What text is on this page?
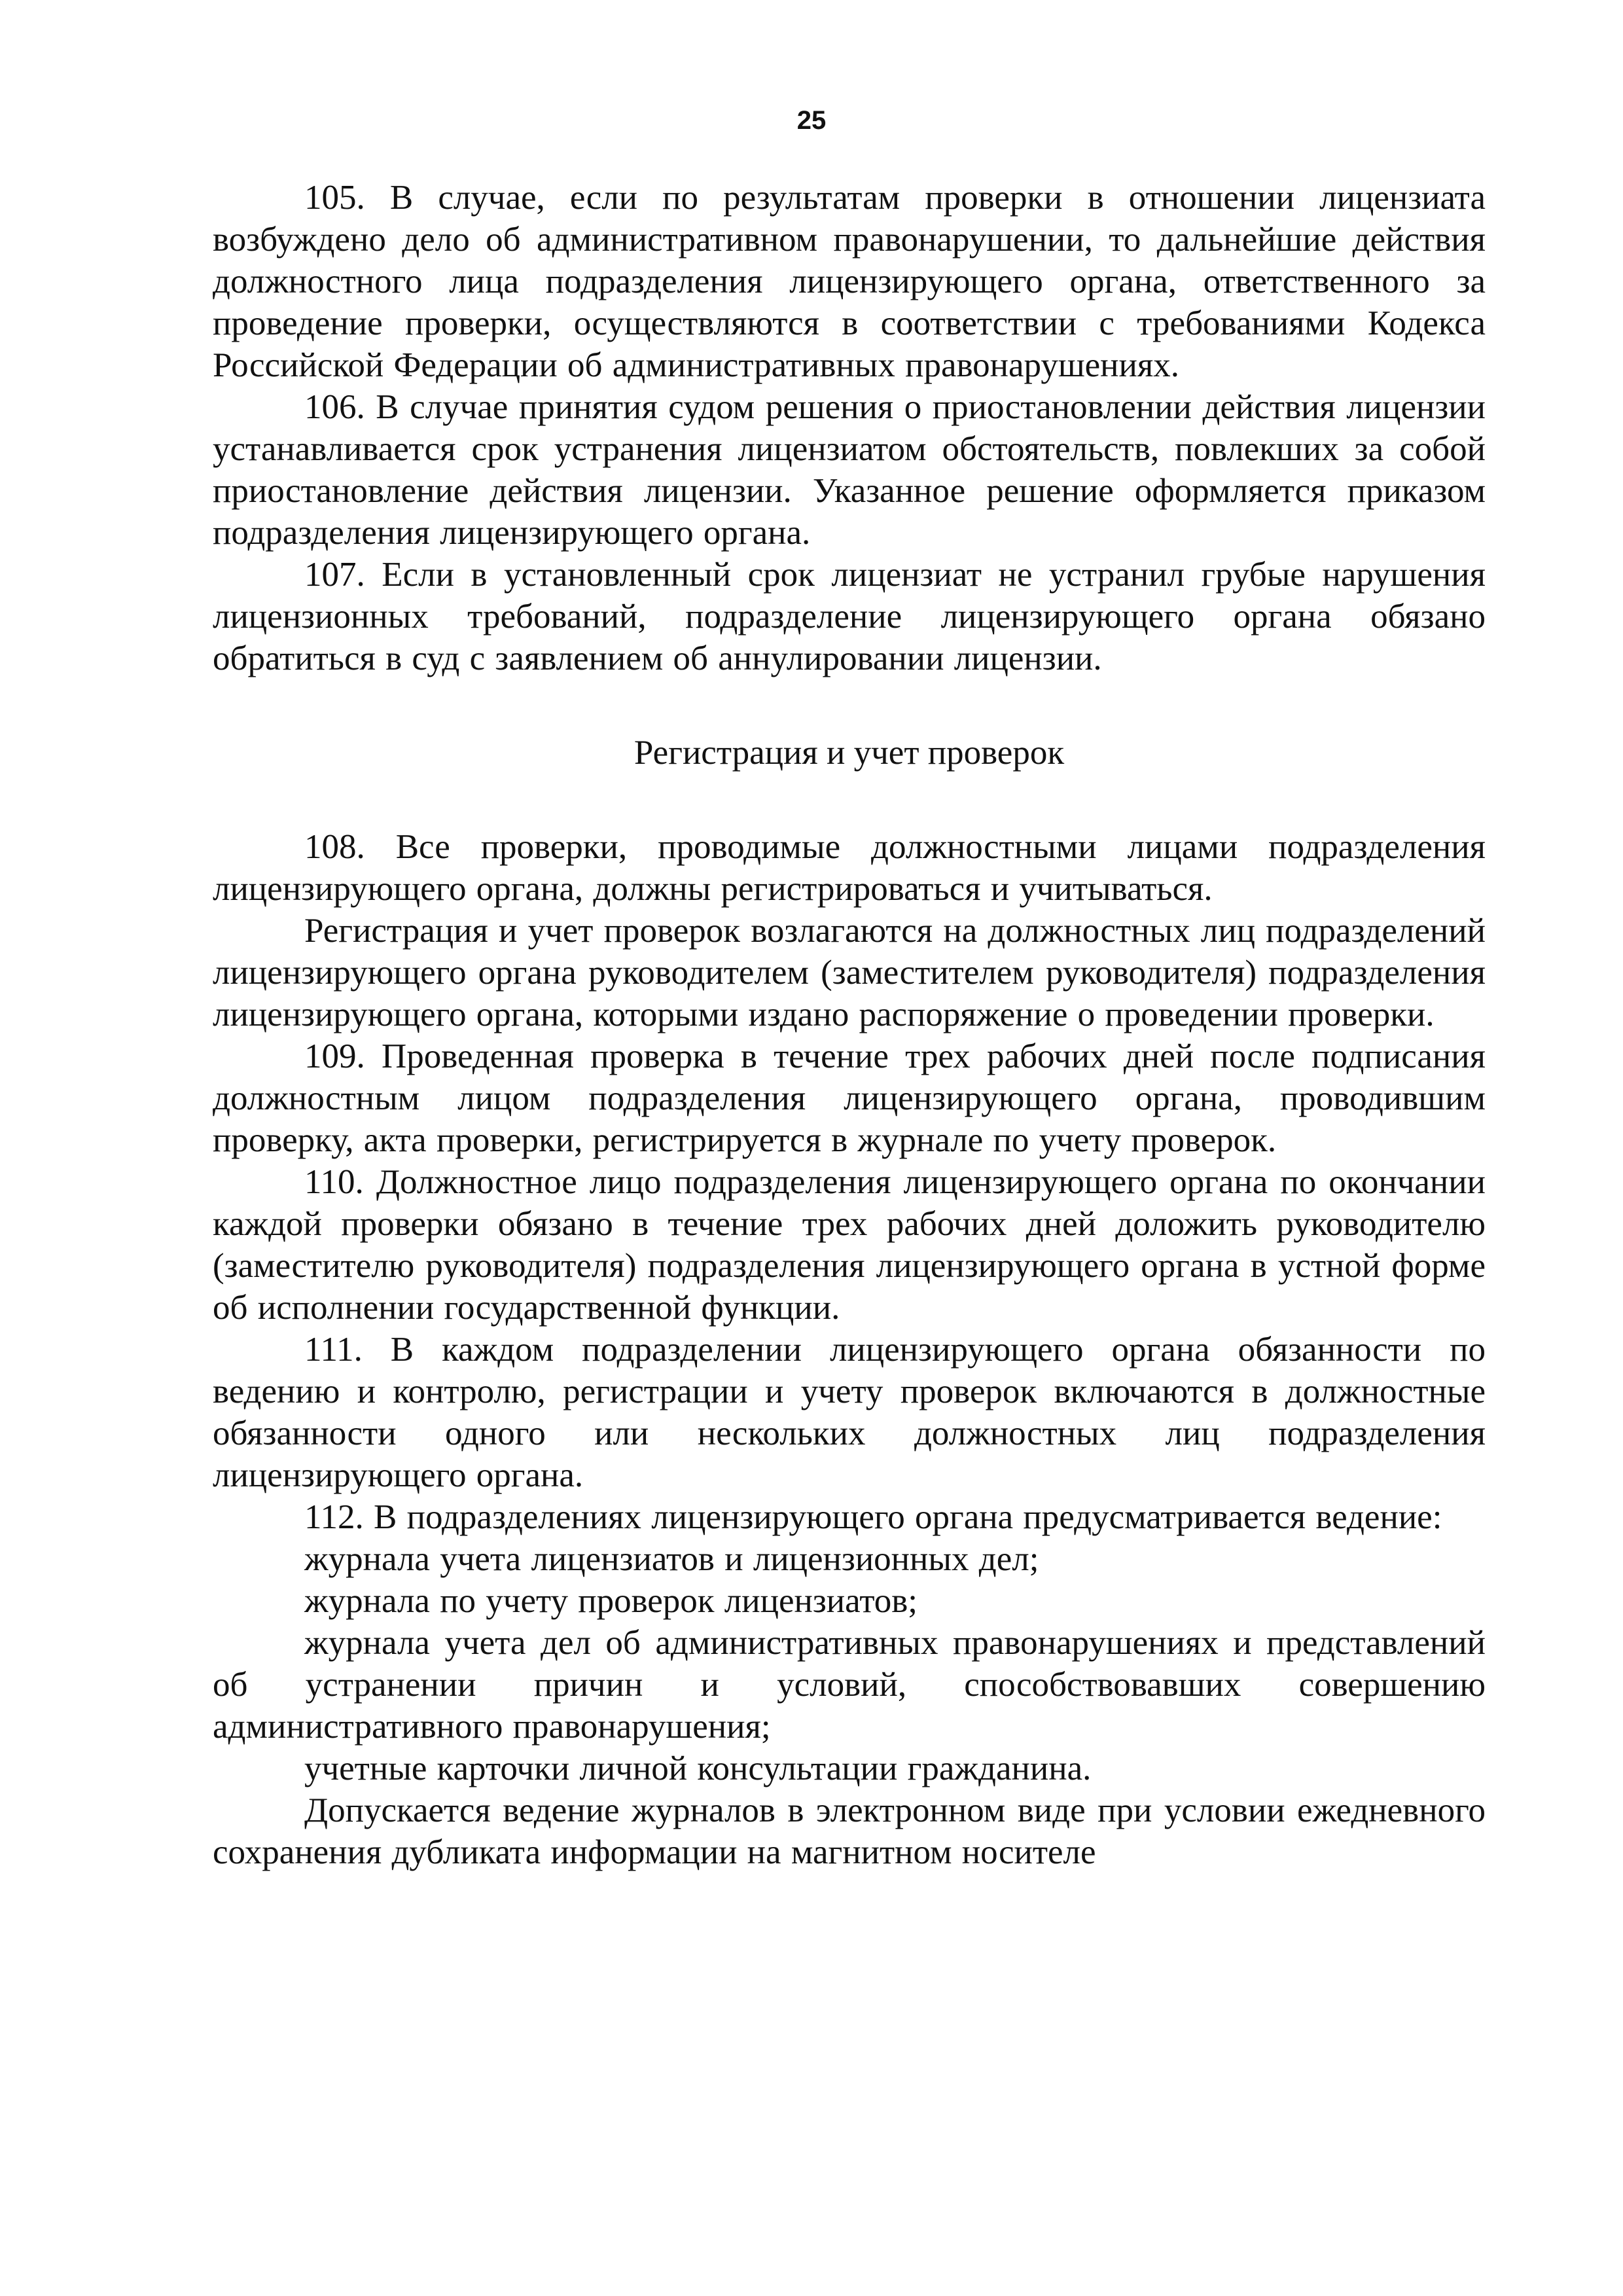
25

105. В случае, если по результатам проверки в отношении лицензиата возбуждено дело об административном правонарушении, то дальнейшие действия должностного лица подразделения лицензирующего органа, ответственного за проведение проверки, осуществляются в соответствии с требованиями Кодекса Российской Федерации об административных правонарушениях.

106. В случае принятия судом решения о приостановлении действия лицензии устанавливается срок устранения лицензиатом обстоятельств, повлекших за собой приостановление действия лицензии. Указанное решение оформляется приказом подразделения лицензирующего органа.

107. Если в установленный срок лицензиат не устранил грубые нарушения лицензионных требований, подразделение лицензирующего органа обязано обратиться в суд с заявлением об аннулировании лицензии.

Регистрация и учет проверок

108. Все проверки, проводимые должностными лицами подразделения лицензирующего органа, должны регистрироваться и учитываться.

Регистрация и учет проверок возлагаются на должностных лиц подразделений лицензирующего органа руководителем (заместителем руководителя) подразделения лицензирующего органа, которыми издано распоряжение о проведении проверки.

109. Проведенная проверка в течение трех рабочих дней после подписания должностным лицом подразделения лицензирующего органа, проводившим проверку, акта проверки, регистрируется в журнале по учету проверок.

110. Должностное лицо подразделения лицензирующего органа по окончании каждой проверки обязано в течение трех рабочих дней доложить руководителю (заместителю руководителя) подразделения лицензирующего органа в устной форме об исполнении государственной функции.

111. В каждом подразделении лицензирующего органа обязанности по ведению и контролю, регистрации и учету проверок включаются в должностные обязанности одного или нескольких должностных лиц подразделения лицензирующего органа.

112. В подразделениях лицензирующего органа предусматривается ведение:

журнала учета лицензиатов и лицензионных дел;

журнала по учету проверок лицензиатов;

журнала учета дел об административных правонарушениях и представлений об устранении причин и условий, способствовавших совершению административного правонарушения;

учетные карточки личной консультации гражданина.

Допускается ведение журналов в электронном виде при условии ежедневного сохранения дубликата информации на магнитном носителе
